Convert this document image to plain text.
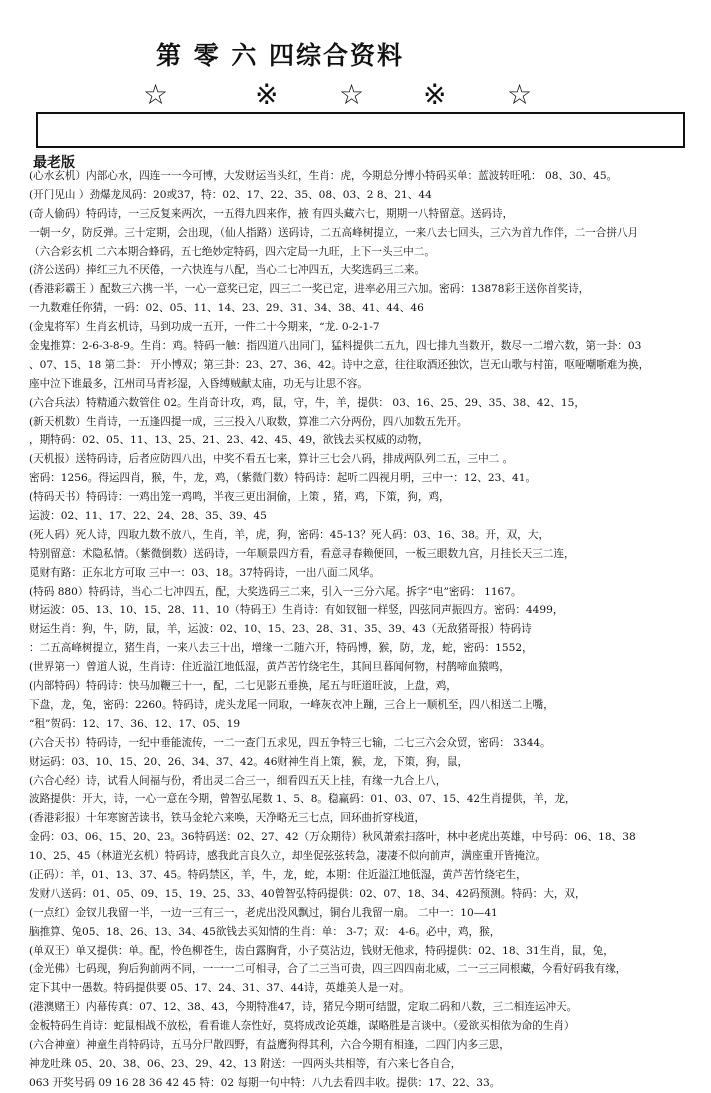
第 零 六 四综合资料
☆	※ ☆ ※ ☆
最老版
(心水玄机）内部心水，四连一一今可博，大发财运当头红，生肖：虎，今期总分博小特码买单：蓝波转旺吼： 08、30、45。
(开门见山 ）劲爆龙凤码：20或37，特：02、17、22、35、08、03、2 8、21、44
(奇人偷码）特码诗，一三反复来两次，一五得九四来作，掖 有四头藏六七，期期一八特留意。送码诗，
一朝一夕，防反弹。三十定期，会出现，（仙人指路）送码诗，二五高峰树提立，一来八去七回头，三六为首九作伴，二一合拼八月
（六合彩玄机 二六本期合蜂码，五七绝妙定特码，四六定局一九旺，上下一头三中二。
(济公送码）捧红三九不厌倦，一六快连与八配，当心二七冲四五，大奖选码三二来。
(香港彩霸王 ）配数三六携一半，一心一意奖已定，四三二一奖已定，进率必用三六加。密码：13878彩王送你首奖诗，
一九数难任你猜，一码：02、05、11、14、23、29、31、34、38、41、44、46
(金鬼将军）生肖玄机诗，马到功成一五开，一件二十今期来，“龙. 0-2-1-7
金鬼推算：2-6-3-8-9。生肖：鸡。特码一触：指四道八出同门，猛料提供二五九，四七排九当数开，数尽一二增六数，第一卦：03
、07、15、18 第二卦： 开小博双；第三卦：23、27、36、42。诗中之意，往往取酒还独饮，岂无山歌与村笛，呕哑嘲哳难为换，
座中泣下谁最多，江州司马青衫湿，入昏缚贼献太庙，功无与让思不容。
(六合兵法）特精通六数管住 02。生肖奇计攻，鸡，鼠，守，牛，羊，提供： 03、16、25、29、35、38、42、15，
(新天机数）生肖诗，一五逢四提一成，三三投入八取数，算准二六分两份，四八加数五先开。
，期特码：02、05、11、13、25、21、23、42、45、49，欲钱去买权威的动物，
(天机报）送特码诗，后者应防四八出，中奖不看五七来，算计三七会八码，排成两队列二五，三中二 。
密码：1256。得运四肖，猴，牛，龙，鸡，（紫微门数）特码诗：起听二四视月明，三中一：12、23、41。
(特码天书）特码诗：一鸡出笼一鸡鸣，半夜三更出洞偷，上策 ，猪，鸡，下策，狗，鸡，
运波：02、11、17、22、24、28、35、39、45
(死人码）死人诗，四取九数不放八，生肖，羊，虎，狗，密码：45-13？死人码：03、16、38。开，双，大，
特别留意：术隐私情。（紫微倒数）送码诗，一年顺景四方看，看意寻春赖便回，一板三眼数九宫，月挂长天三二连，
觅财有路：正东北方可取 三中一：03、18。37特码诗，一出八面二风华。
(特码 880）特码诗，当心二七冲四五，配，大奖选码三二来，引入一三分六尾。拆字“电”密码： 1167。
财运波：05、13、10、15、28、11、10（特码王）生肖诗：有如钗钿一样竖，四弦同声振四方。密码：4499，
财运生肖：狗，牛，防，鼠，羊，运波：02、10、15、23、28、31、35、39、43（无敌猪哥报）特码诗
：二五高峰树提立，猪生肖，一来八去三十出，增缘一二随六开，特码博，猴，防，龙，蛇，密码：1552，
(世界第一）曾道人说，生肖诗：住近溢江地低湿，黄芦苦竹绕宅生，其间旦暮闻何物，村鹊啼血猿鸣，
(内部特码）特码诗：快马加鞭三十一，配，二七见影五垂换，尾五与旺道旺波，上盘，鸡，
下盘，龙，兔，密码：2260。特码诗，虎头龙尾一同取，一峰灰衣冲上蹦，三合上一顺机至，四八相送二上嘴，
“租”贺码：12、17、36、12、17、05、19
(六合天书）特码诗，一纪中垂能流传，一二一查门五求见，四五争特三七输，二七三六会众贸，密码： 3344。
财运码：03、10、15、20、26、34、37、42。46财神生肖上策，猴，龙，下策，狗，鼠，
(六合心经）诗，试看人间福与份，肴出灵二合三一，细看四五天上挂，有缘一九合上八，
波路提供：开大，诗，一心一意在今期，曾智弘尾数 1、5、8。稳赢码：01、03、07、15、42生肖提供，羊，龙，
(香港彩报）十年寒窗苦读书，铁马金轮六来唤，天净略无三七点，回环曲折穿栈道，
金码：03、06、15、20、23。36特码送：02、27、42（万众期待）秋风萧索扫落叶，林中老虎出英雄，中号码：06、18、38
10、25、45（林道光玄机）特码诗，感我此言良久立，却坐促弦弦转急，凄凄不似向前声，满座重开皆掩泣。
(正码）：羊，01、13、37、45。特码禁区，羊，牛，龙，蛇，本期：住近溢江地低湿，黄芦苦竹绕宅生，
发财八送码：01、05、09、15、19、25、33、40曾智弘特码提供：02、07、18、34、42码预测。特码：大，双，
(一点红）金钗儿我留一半，一边一三有三一，老虎出没风飘过，铜台儿我留一扇。 二中一：10—41
脑推算、兔05、18、26、13、34、45欲钱去买知情的生肖：单： 3-7；双： 4-6。必中，鸡，猴，
(单双王）单又提供：单。配，怜色柳苍生，齿白露胸背，小子莫沾边，钱财无他求，特码提供：02、18、31生肖，鼠，兔，
(金光佛）七码现，狗后狗前两不同，一一一二可相寻，合了二三当可贵，四三四四南北威，二一三三同根藏，今看好码我有缘，
定下其中一愚数。特码提供要 05、17、24、31、37、44诗，英雄美人是一对。
(港澳赌王）内幕传真：07、12、38、43，今期特准47，诗，猪兄今期可结盟，定取二码和八数，三二相连运冲天。
金板特码生肖诗：蛇鼠相战不放松，看看谁人奈性好，莫将成改论英雄，谋略胜是言谈中。（爱欲买相依为命的生肖）
(六合神童）神童生肖特码诗，五马分尸散四野，有益鹰狗得其利，六合今期有相逢，二四门内多三思，
神龙吐珠 05、20、38、06、23、29、42、13 附送：一四两头共相等，有六来七各自合，
063 开奖号码 09 16 28 36 42 45 特：02 每期一句中特：八九去看四丰收。提供：17、22、33。
